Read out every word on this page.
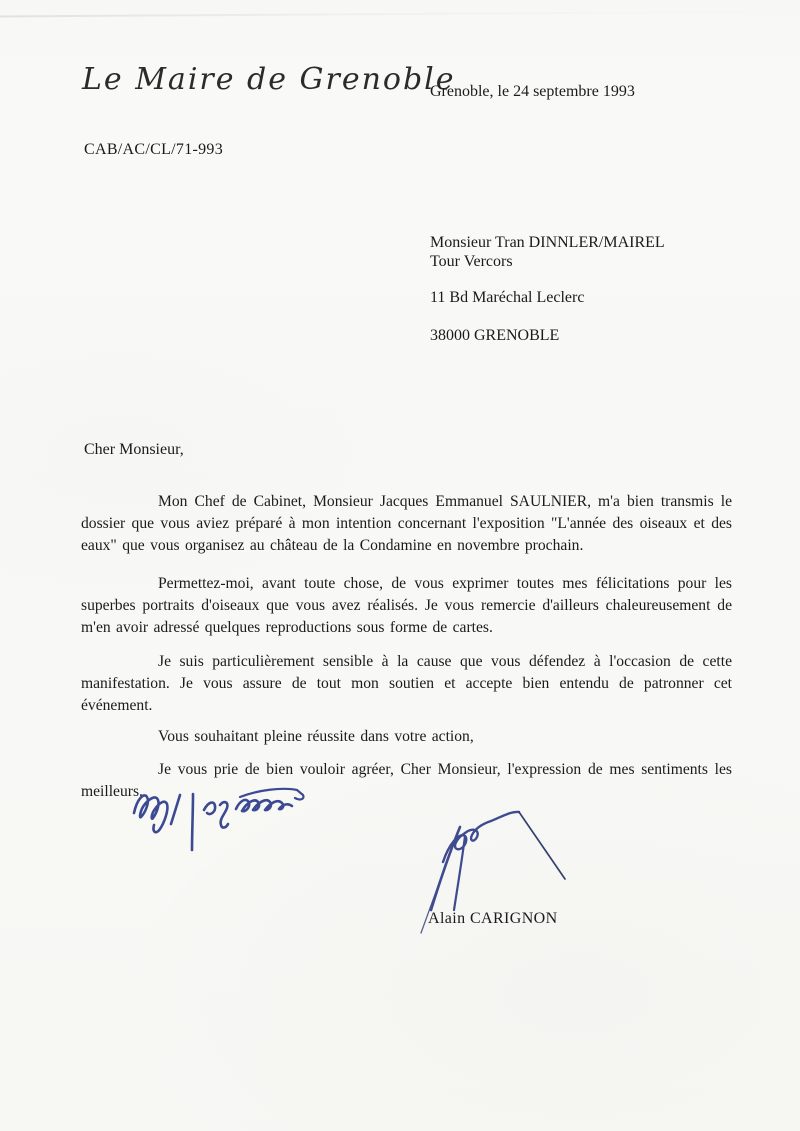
Le Maire de Grenoble
Grenoble, le 24 septembre 1993
CAB/AC/CL/71-993
Monsieur Tran DINNLER/MAIREL
Tour Vercors
11 Bd Maréchal Leclerc
38000 GRENOBLE
Cher Monsieur,

Mon Chef de Cabinet, Monsieur Jacques Emmanuel SAULNIER, m'a bien transmis le dossier que vous aviez préparé à mon intention concernant l'exposition "L'année des oiseaux et des eaux" que vous organisez au château de la Condamine en novembre prochain.

Permettez-moi, avant toute chose, de vous exprimer toutes mes félicitations pour les superbes portraits d'oiseaux que vous avez réalisés. Je vous remercie d'ailleurs chaleureusement de m'en avoir adressé quelques reproductions sous forme de cartes.

Je suis particulièrement sensible à la cause que vous défendez à l'occasion de cette manifestation. Je vous assure de tout mon soutien et accepte bien entendu de patronner cet événement.

Vous souhaitant pleine réussite dans votre action,

Je vous prie de bien vouloir agréer, Cher Monsieur, l'expression de mes sentiments les meilleurs.

Alain CARIGNON
